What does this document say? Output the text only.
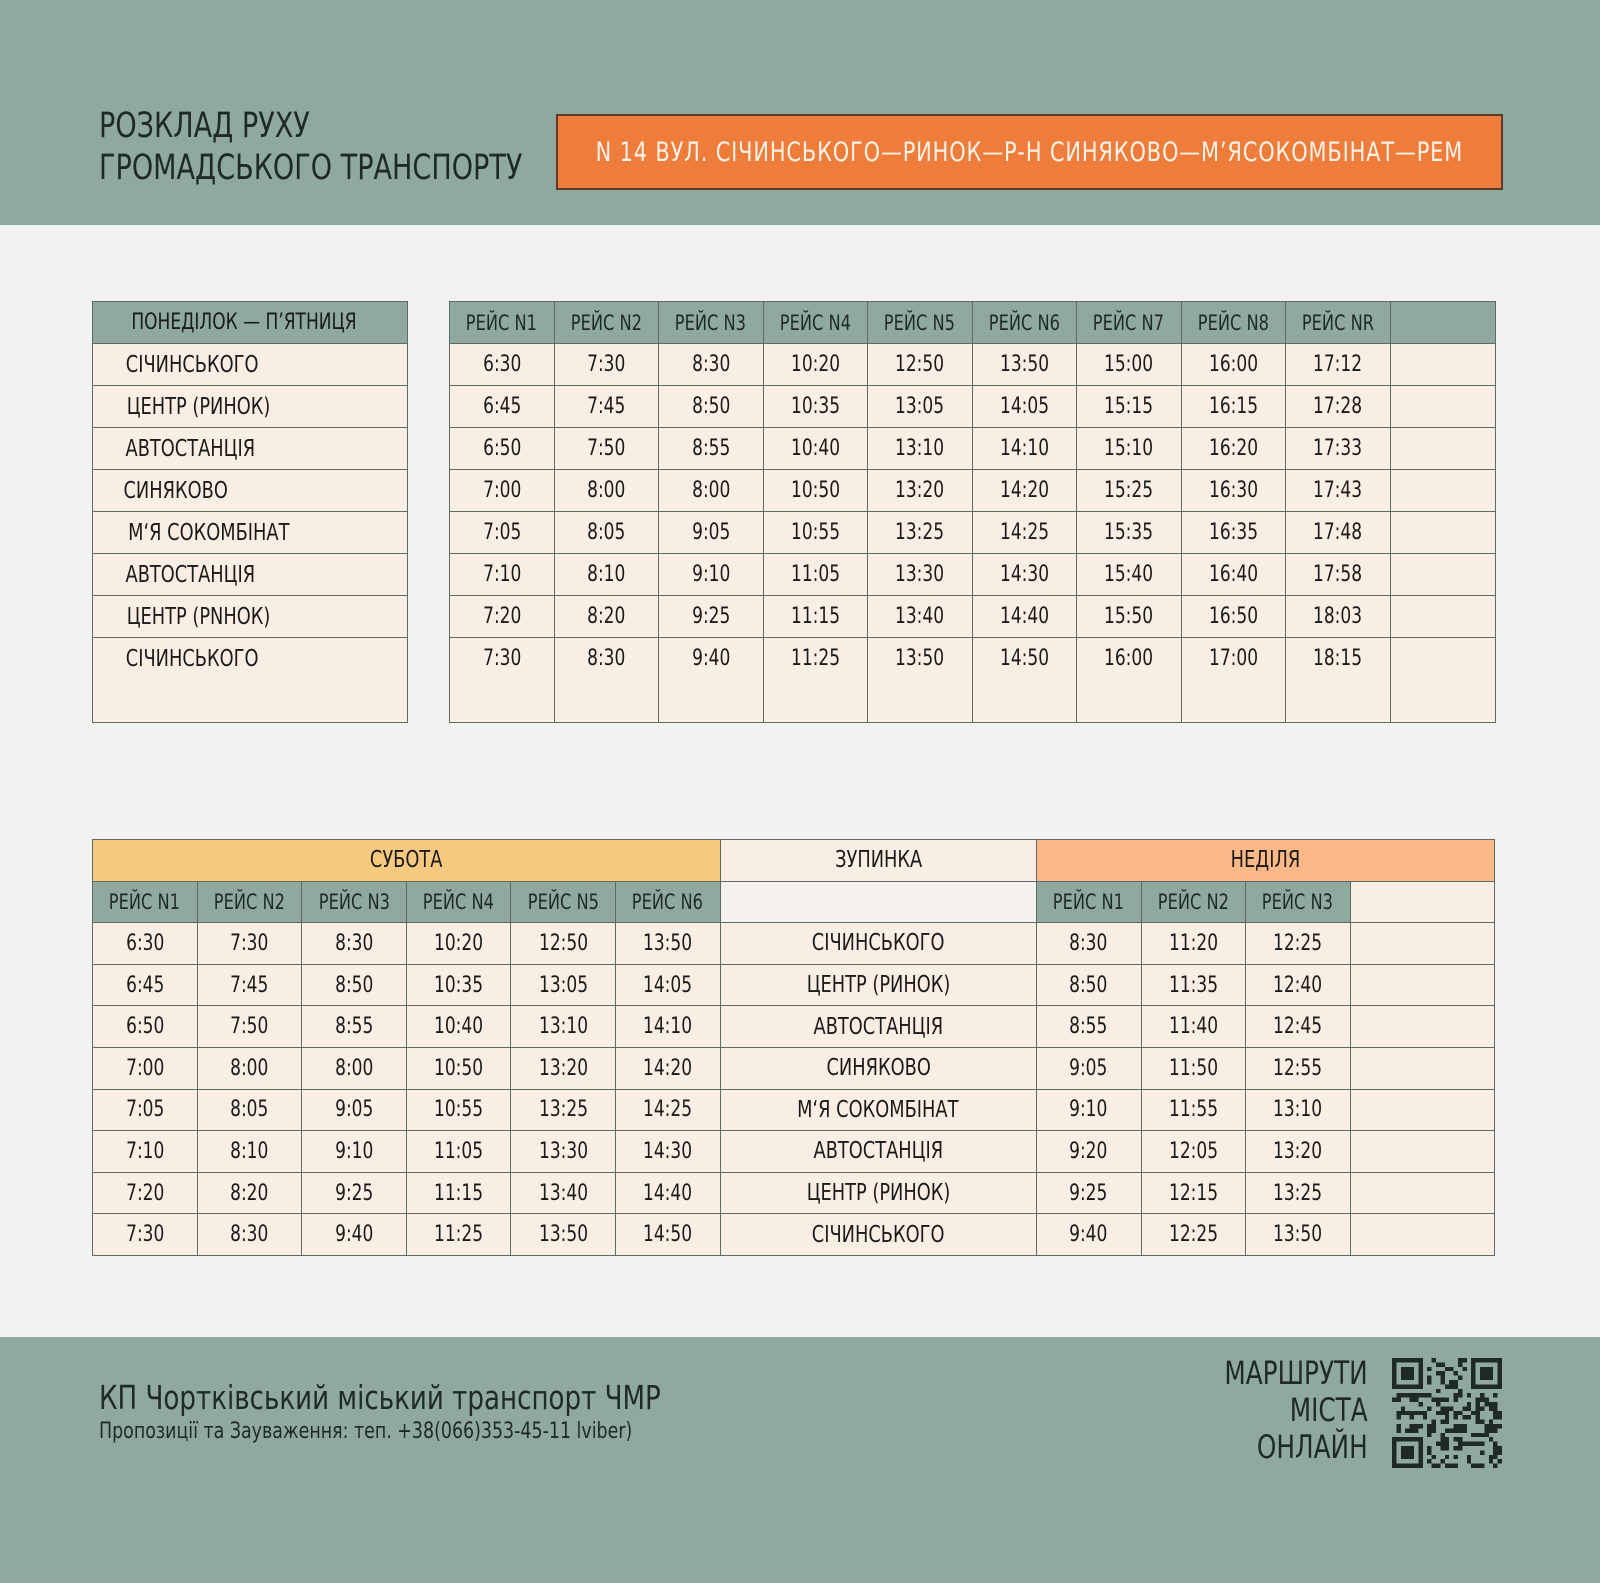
РОЗКЛАД РУХУ
ГРОМАДСЬКОГО ТРАНСПОРТУ	N 14 ВУЛ. СІЧИНСЬКОГО—РИНОК—Р-Н СИНЯКОВО—М’ЯСОКОМБІНАТ—РЕМ
ПОНЕДІЛОК — П’ЯТНИЦЯ		РЕЙС N1	РЕЙС N2	РЕЙС N3	РЕЙС N4	РЕЙС N5	РЕЙС N6	РЕЙС N7	РЕЙС N8	РЕЙС NR	
СІЧИНСЬКОГО		6:30	7:30	8:30	10:20	12:50	13:50	15:00	16:00	17:12	
ЦЕНТР (РИНОК)		6:45	7:45	8:50	10:35	13:05	14:05	15:15	16:15	17:28	
АВТОСТАНЦІЯ		6:50	7:50	8:55	10:40	13:10	14:10	15:10	16:20	17:33	
СИНЯКОВО		7:00	8:00	8:00	10:50	13:20	14:20	15:25	16:30	17:43	
М‘Я СОКОМБІНАТ		7:05	8:05	9:05	10:55	13:25	14:25	15:35	16:35	17:48	
АВТОСТАНЦІЯ		7:10	8:10	9:10	11:05	13:30	14:30	15:40	16:40	17:58	
ЦЕНТР (РNНОК)		7:20	8:20	9:25	11:15	13:40	14:40	15:50	16:50	18:03	
СІЧИНСЬКОГО		7:30	8:30	9:40	11:25	13:50	14:50	16:00	17:00	18:15	
СУБОТА						ЗУПИНКА	НЕДІЛЯ			
РЕЙС N1	РЕЙС N2	РЕЙС N3	РЕЙС N4	РЕЙС N5	РЕЙС N6		РЕЙС N1	РЕЙС N2	РЕЙС N3	
6:30	7:30	8:30	10:20	12:50	13:50	СІЧИНСЬКОГО	8:30	11:20	12:25	
6:45	7:45	8:50	10:35	13:05	14:05	ЦЕНТР (РИНОК)	8:50	11:35	12:40	
6:50	7:50	8:55	10:40	13:10	14:10	АВТОСТАНЦІЯ	8:55	11:40	12:45	
7:00	8:00	8:00	10:50	13:20	14:20	СИНЯКОВО	9:05	11:50	12:55	
7:05	8:05	9:05	10:55	13:25	14:25	М‘Я СОКОМБІНАТ	9:10	11:55	13:10	
7:10	8:10	9:10	11:05	13:30	14:30	АВТОСТАНЦІЯ	9:20	12:05	13:20	
7:20	8:20	9:25	11:15	13:40	14:40	ЦЕНТР (РИНОК)	9:25	12:15	13:25	
7:30	8:30	9:40	11:25	13:50	14:50	СІЧИНСЬКОГО	9:40	12:25	13:50	
КП Чортківський міський транспорт ЧМР
Пропозиції та Зауваження: теп. +38(066)353-45-11 lviber)
МАРШРУТИ
МІСТА
ОНЛАЙН
